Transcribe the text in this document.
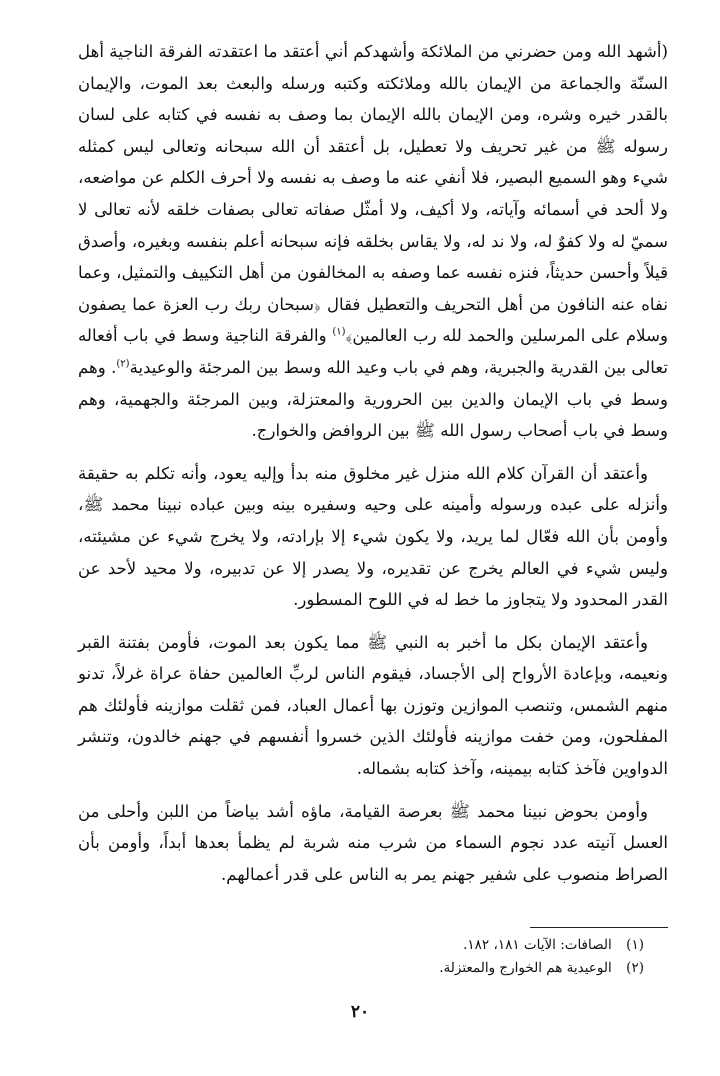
(أشهد الله ومن حضرني من الملائكة وأشهدكم أني أعتقد ما اعتقدته الفرقة الناجية أهل السنّة والجماعة من الإيمان بالله وملائكته وكتبه ورسله والبعث بعد الموت، والإيمان بالقدر خيره وشره، ومن الإيمان بالله الإيمان بما وصف به نفسه في كتابه على لسان رسوله ﷺ من غير تحريف ولا تعطيل، بل أعتقد أن الله سبحانه وتعالى ليس كمثله شيء وهو السميع البصير، فلا أنفي عنه ما وصف به نفسه ولا أحرف الكلم عن مواضعه، ولا ألحد في أسمائه وآياته، ولا أكيف، ولا أمثّل صفاته تعالى بصفات خلقه لأنه تعالى لا سميّ له ولا كفوٌ له، ولا ند له، ولا يقاس بخلقه فإنه سبحانه أعلم بنفسه وبغيره، وأصدق قيلاً وأحسن حديثاً، فنزه نفسه عما وصفه به المخالفون من أهل التكييف والتمثيل، وعما نفاه عنه النافون من أهل التحريف والتعطيل فقال ﴿سبحان ربك رب العزة عما يصفون وسلام على المرسلين والحمد لله رب العالمين﴾$^{(١)}$ والفرقة الناجية وسط في باب أفعاله تعالى بين القدرية والجبرية، وهم في باب وعيد الله وسط بين المرجئة والوعيدية$^{(٢)}$. وهم وسط في باب الإيمان والدين بين الحرورية والمعتزلة، وبين المرجئة والجهمية، وهم وسط في باب أصحاب رسول الله ﷺ بين الروافض والخوارج.

وأعتقد أن القرآن كلام الله منزل غير مخلوق منه بدأ وإليه يعود، وأنه تكلم به حقيقة وأنزله على عبده ورسوله وأمينه على وحيه وسفيره بينه وبين عباده نبينا محمد ﷺ، وأومن بأن الله فعّال لما يريد، ولا يكون شيء إلا بإرادته، ولا يخرج شيء عن مشيئته، وليس شيء في العالم يخرج عن تقديره، ولا يصدر إلا عن تدبيره، ولا محيد لأحد عن القدر المحدود ولا يتجاوز ما خط له في اللوح المسطور.

وأعتقد الإيمان بكل ما أخبر به النبي ﷺ مما يكون بعد الموت، فأومن بفتنة القبر ونعيمه، وبإعادة الأرواح إلى الأجساد، فيقوم الناس لربِّ العالمين حفاة عراة غرلاً، تدنو منهم الشمس، وتنصب الموازين وتوزن بها أعمال العباد، فمن ثقلت موازينه فأولئك هم المفلحون، ومن خفت موازينه فأولئك الذين خسروا أنفسهم في جهنم خالدون، وتنشر الدواوين فآخذ كتابه بيمينه، وآخذ كتابه بشماله.

وأومن بحوض نبينا محمد ﷺ بعرصة القيامة، ماؤه أشد بياضاً من اللبن وأحلى من العسل آنيته عدد نجوم السماء من شرب منه شربة لم يظمأ بعدها أبداً، وأومن بأن الصراط منصوب على شفير جهنم يمر به الناس على قدر أعمالهم.

(١) الصافات: الآيات ١٨١، ١٨٢.

(٢) الوعيدية هم الخوارج والمعتزلة.

٢٠
